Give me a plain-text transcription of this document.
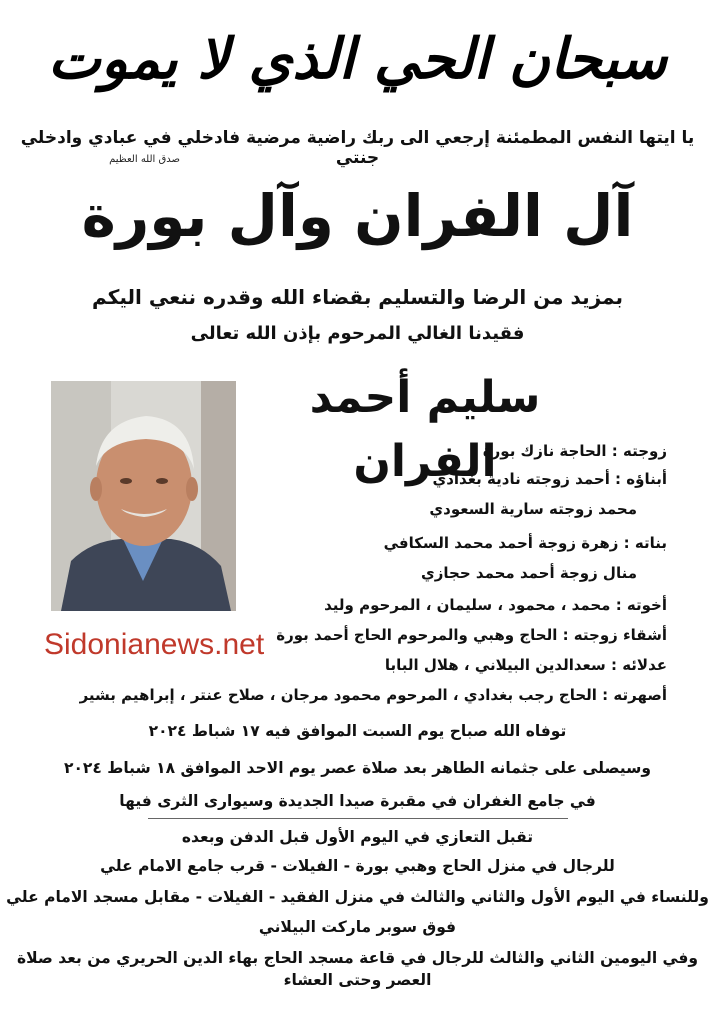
سبحان الحي الذي لا يموت
يا ايتها النفس المطمئنة إرجعي الى ربك راضية مرضية فادخلي في عبادي وادخلي جنتي
صدق الله العظيم
آل الفران وآل بورة
بمزيد من الرضا والتسليم بقضاء الله وقدره ننعي اليكم
فقيدنا الغالي المرحوم بإذن الله تعالى
سليم أحمد الفران
زوجته : الحاجة نازك بورة
أبناؤه : أحمد زوجته نادية بغدادي
محمد زوجته سارية السعودي
بناته : زهرة زوجة أحمد محمد السكافي
منال زوجة أحمد محمد حجازي
أخوته : محمد ، محمود ، سليمان ، المرحوم وليد
أشقاء زوجته : الحاج وهبي والمرحوم الحاج أحمد بورة
عدلائه : سعدالدين البيلاني ، هلال البابا
أصهرته : الحاج رجب بغدادي ، المرحوم محمود مرجان ، صلاح عنتر ، إبراهيم بشير
Sidonianews.net
توفاه الله صباح يوم السبت الموافق فيه ١٧ شباط ٢٠٢٤
وسيصلى على جثمانه الطاهر بعد صلاة عصر يوم الاحد الموافق ١٨ شباط ٢٠٢٤
في جامع الغفران في مقبرة صيدا الجديدة وسيوارى الثرى فيها
تقبل التعازي في اليوم الأول قبل الدفن وبعده
للرجال في منزل الحاج وهبي بورة - الفيلات - قرب جامع الامام علي
وللنساء في اليوم الأول والثاني والثالث في منزل الفقيد - الفيلات - مقابل مسجد الامام علي
فوق سوبر ماركت البيلاني
وفي اليومين الثاني والثالث للرجال في قاعة مسجد الحاج بهاء الدين الحريري من بعد صلاة العصر وحتى العشاء
